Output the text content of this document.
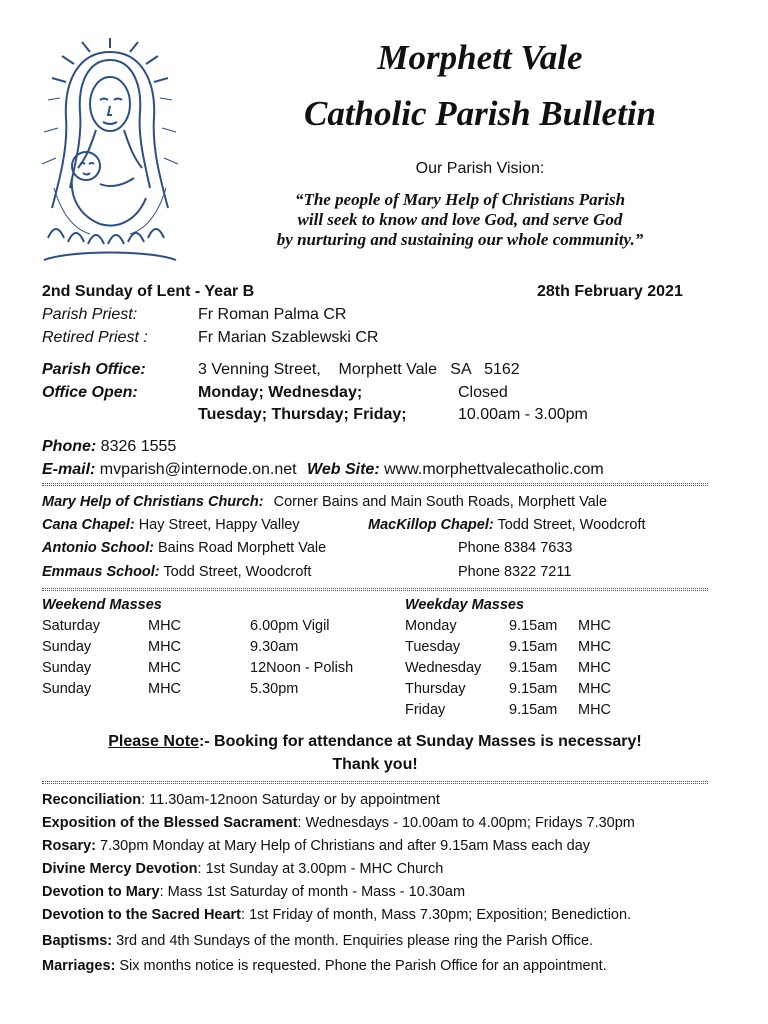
Morphett Vale
Catholic Parish Bulletin
Our Parish Vision:
“The people of Mary Help of Christians Parish
will seek to know and love God, and serve God
by nurturing and sustaining our whole community.”
2nd Sunday of Lent - Year B	28th February 2021
Parish Priest:	Fr Roman Palma CR
Retired Priest :	Fr Marian Szablewski CR
Parish Office:	3 Venning Street,    Morphett Vale   SA   5162
Office Open:	Monday; Wednesday;	Closed
Tuesday; Thursday; Friday;	10.00am - 3.00pm
Phone: 8326 1555
E-mail: mvparish@internode.on.net Web Site: www.morphettvalecatholic.com
Mary Help of Christians Church: Corner Bains and Main South Roads, Morphett Vale
Cana Chapel: Hay Street, Happy Valley	MacKillop Chapel: Todd Street, Woodcroft
Antonio School: Bains Road Morphett Vale	Phone 8384 7633
Emmaus School: Todd Street, Woodcroft	Phone 8322 7211
Weekend Masses	Weekday Masses
Saturday	MHC	6.00pm Vigil
Sunday	MHC	9.30am
Sunday	MHC	12Noon - Polish
Sunday	MHC	5.30pm
Monday	9.15am MHC
Tuesday	9.15am MHC
Wednesday 9.15am MHC
Thursday	9.15am MHC
Friday	9.15am MHC
Please Note:- Booking for attendance at Sunday Masses is necessary!
Thank you!
Reconciliation: 11.30am-12noon Saturday or by appointment
Exposition of the Blessed Sacrament: Wednesdays - 10.00am to 4.00pm; Fridays 7.30pm
Rosary: 7.30pm Monday at Mary Help of Christians and after 9.15am Mass each day
Divine Mercy Devotion: 1st Sunday at 3.00pm - MHC Church
Devotion to Mary: Mass 1st Saturday of month - Mass - 10.30am
Devotion to the Sacred Heart: 1st Friday of month, Mass 7.30pm; Exposition; Benediction.
Baptisms: 3rd and 4th Sundays of the month. Enquiries please ring the Parish Office.
Marriages: Six months notice is requested. Phone the Parish Office for an appointment.
